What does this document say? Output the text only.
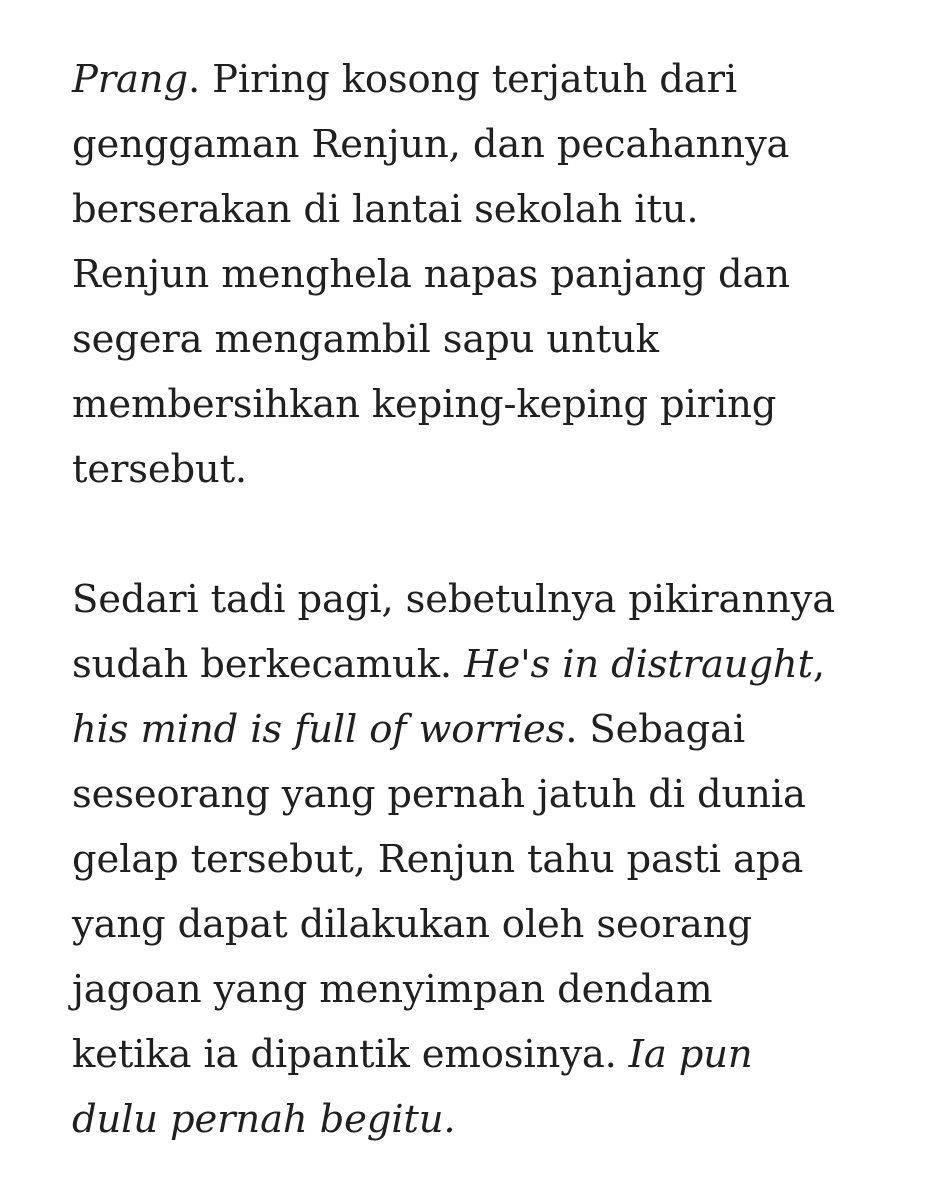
Prang. Piring kosong terjatuh dari
genggaman Renjun, dan pecahannya
berserakan di lantai sekolah itu.
Renjun menghela napas panjang dan
segera mengambil sapu untuk
membersihkan keping-keping piring
tersebut.

Sedari tadi pagi, sebetulnya pikirannya
sudah berkecamuk. He's in distraught,
his mind is full of worries. Sebagai
seseorang yang pernah jatuh di dunia
gelap tersebut, Renjun tahu pasti apa
yang dapat dilakukan oleh seorang
jagoan yang menyimpan dendam
ketika ia dipantik emosinya. Ia pun
dulu pernah begitu.
